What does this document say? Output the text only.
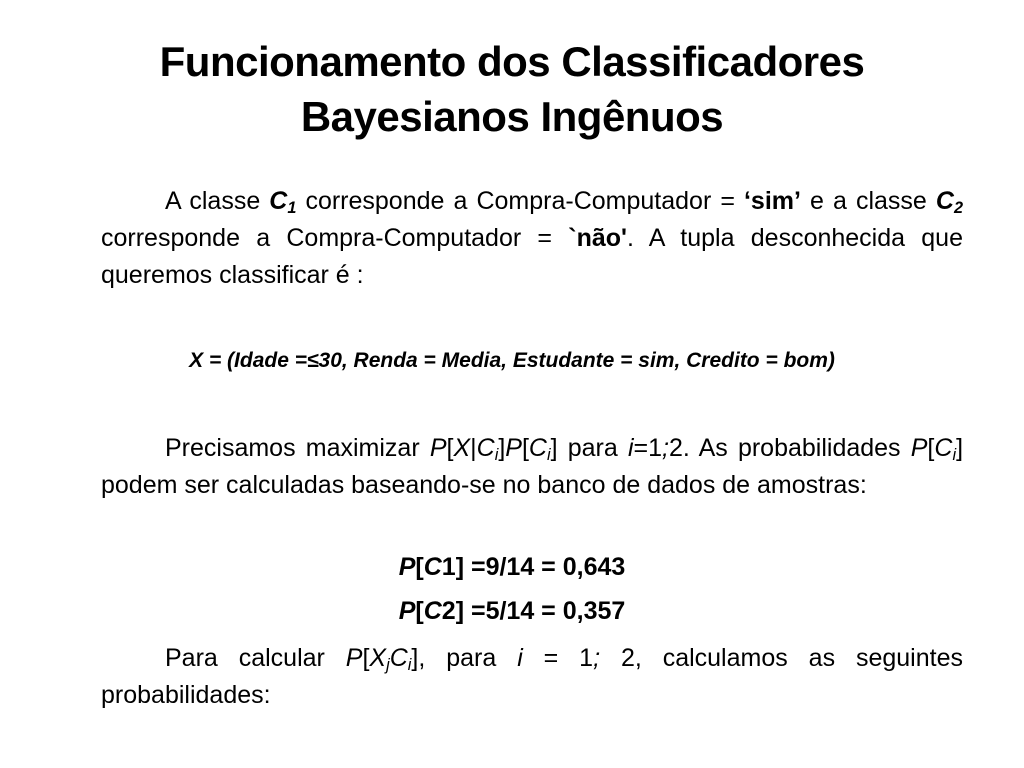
Funcionamento dos Classificadores
Bayesianos Ingênuos

A classe $C_1$ corresponde a Compra-Computador = ‘sim’ e a classe $C_2$ corresponde a Compra-Computador = `não'. A tupla desconhecida que queremos classificar é :

X = (Idade =≤30, Renda = Media, Estudante = sim, Credito = bom)

Precisamos maximizar $P[X|C_i]P[C_i]$ para i=1;2. As probabilidades $P[C_i]$ podem ser calculadas baseando-se no banco de dados de amostras:

P[C1] =9/14 = 0,643
P[C2] =5/14 = 0,357

Para calcular $P[X_jC_i]$, para i = 1; 2, calculamos as seguintes probabilidades:
